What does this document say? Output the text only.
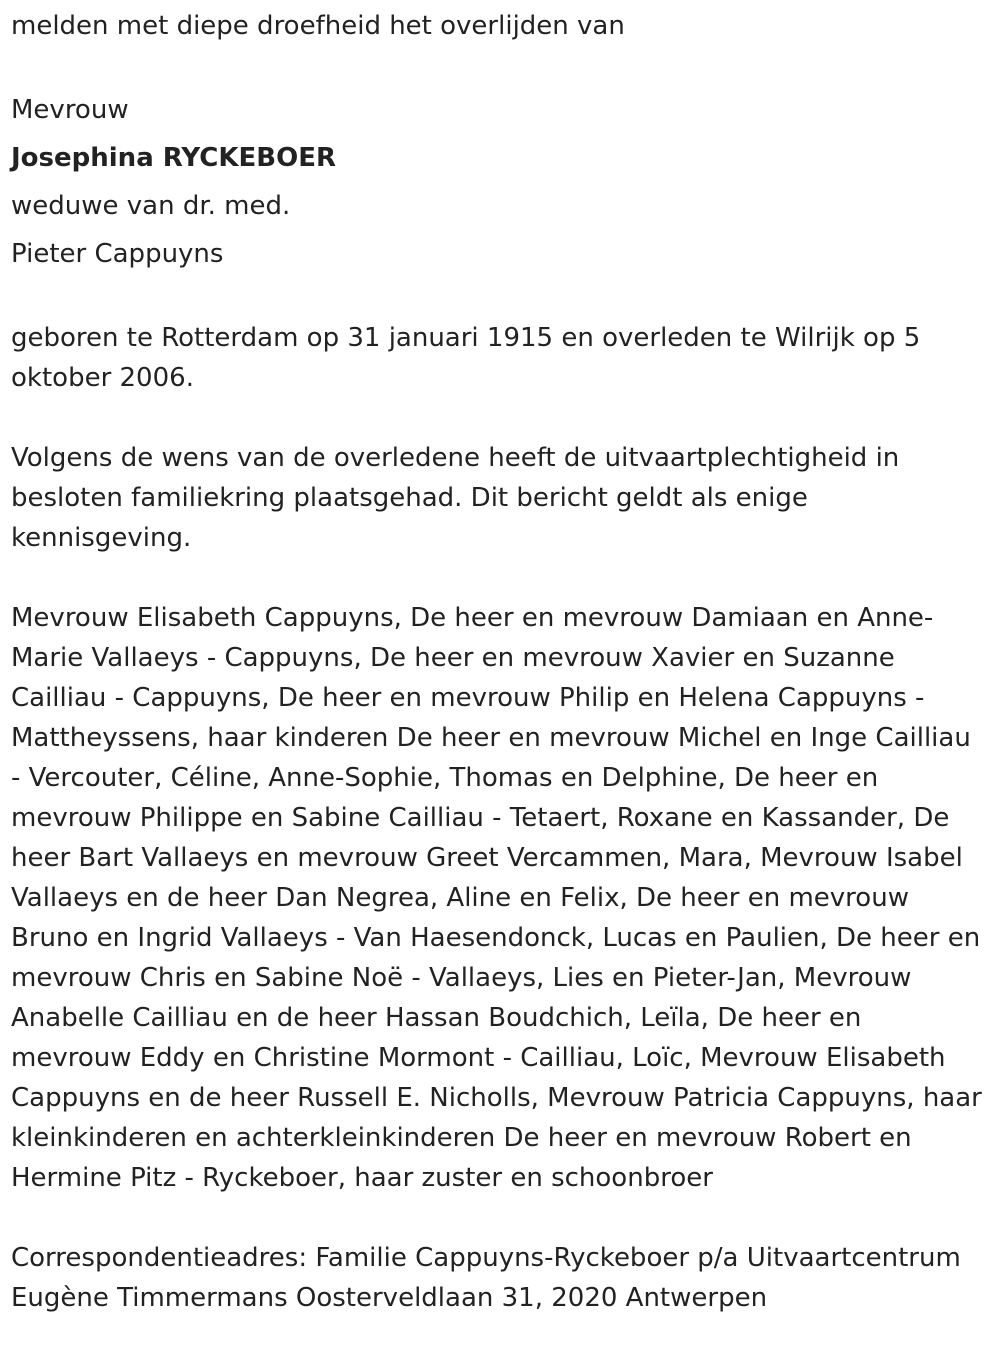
melden met diepe droefheid het overlijden van

Mevrouw

Josephina RYCKEBOER

weduwe van dr. med.

Pieter Cappuyns

geboren te Rotterdam op 31 januari 1915 en overleden te Wilrijk op 5 oktober 2006.

Volgens de wens van de overledene heeft de uitvaartplechtigheid in besloten familiekring plaatsgehad. Dit bericht geldt als enige kennisgeving.

Mevrouw Elisabeth Cappuyns, De heer en mevrouw Damiaan en Anne-Marie Vallaeys - Cappuyns, De heer en mevrouw Xavier en Suzanne Cailliau - Cappuyns, De heer en mevrouw Philip en Helena Cappuyns - Mattheyssens, haar kinderen De heer en mevrouw Michel en Inge Cailliau - Vercouter, Céline, Anne-Sophie, Thomas en Delphine, De heer en mevrouw Philippe en Sabine Cailliau - Tetaert, Roxane en Kassander, De heer Bart Vallaeys en mevrouw Greet Vercammen, Mara, Mevrouw Isabel Vallaeys en de heer Dan Negrea, Aline en Felix, De heer en mevrouw Bruno en Ingrid Vallaeys - Van Haesendonck, Lucas en Paulien, De heer en mevrouw Chris en Sabine Noë - Vallaeys, Lies en Pieter-Jan, Mevrouw Anabelle Cailliau en de heer Hassan Boudchich, Leïla, De heer en mevrouw Eddy en Christine Mormont - Cailliau, Loïc, Mevrouw Elisabeth Cappuyns en de heer Russell E. Nicholls, Mevrouw Patricia Cappuyns, haar kleinkinderen en achterkleinkinderen De heer en mevrouw Robert en Hermine Pitz - Ryckeboer, haar zuster en schoonbroer

Correspondentieadres: Familie Cappuyns-Ryckeboer p/a Uitvaartcentrum Eugène Timmermans Oosterveldlaan 31, 2020 Antwerpen
